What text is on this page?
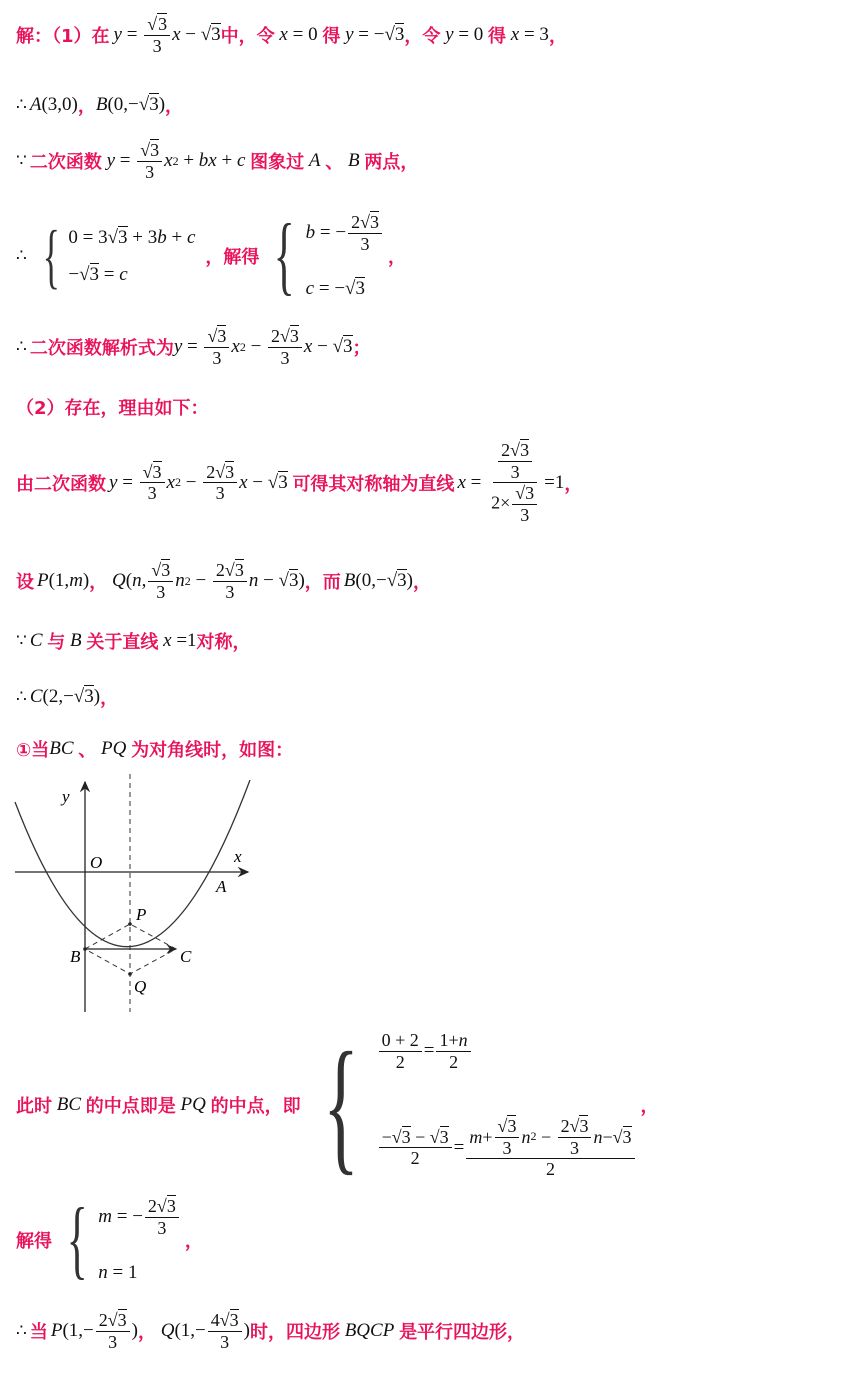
解：（1）在 $y = \frac{√3}{3}$ x − √3 中，令 x = 0 得 y = −√3 ，令 y = 0 得 x = 3 ，
∴ A (3,0) ， B (0,−√3) ，
∵ 二次函数 $y = \frac{√3}{3}$ x 2 + bx + c 图象过 A 、 B 两点，
∴ { 0 = 3√ 3 + 3 b + c
−√ 3 = c
，解得 { b = − $\frac{2√3}{3}$
c = −√ 3
，
∴ 二次函数解析式为 $y = \frac{√3}{3}$ x $2 - \frac{2√3}{3}$ x − √3 ；
（2）存在，理由如下：
由二次函数 $y = \frac{√3}{3}$ x $2 - \frac{2√3}{3}$ x − √3 可得其对称轴为直线 $x = \frac{\frac{2√3}{3}}{2\times \frac{√3}{3}} =1$ ，
设 P (1,m) ， Q (n, $\frac{√3}{3}$ n $2 - \frac{2√3}{3}$ n − √3) ，而 B (0,−√3) ，
∵ C 与 B 关于直线 x =1 对称，
∴ C (2,−√3) ，
①当 BC 、 PQ 为对角线时，如图：
y
x
O
A
P
B	C
Q
此时 BC 的中点即是 PQ 的中点，即 { $\frac{0 + 2}{2} = \frac{1+n}{2}$
$\frac{-√3 - √3}{2} = \frac{m + \frac{√3}{3} n 2 - \frac{2√3}{3} n -√ 3}{2}$
，
解得 { m = − $\frac{2√3}{3}$
n = 1
，
∴ 当 P ($1,- \frac{2√3}{3}$ ) ， Q ($1,- \frac{4√3}{3}$ ) 时，四边形 BQCP 是平行四边形，
